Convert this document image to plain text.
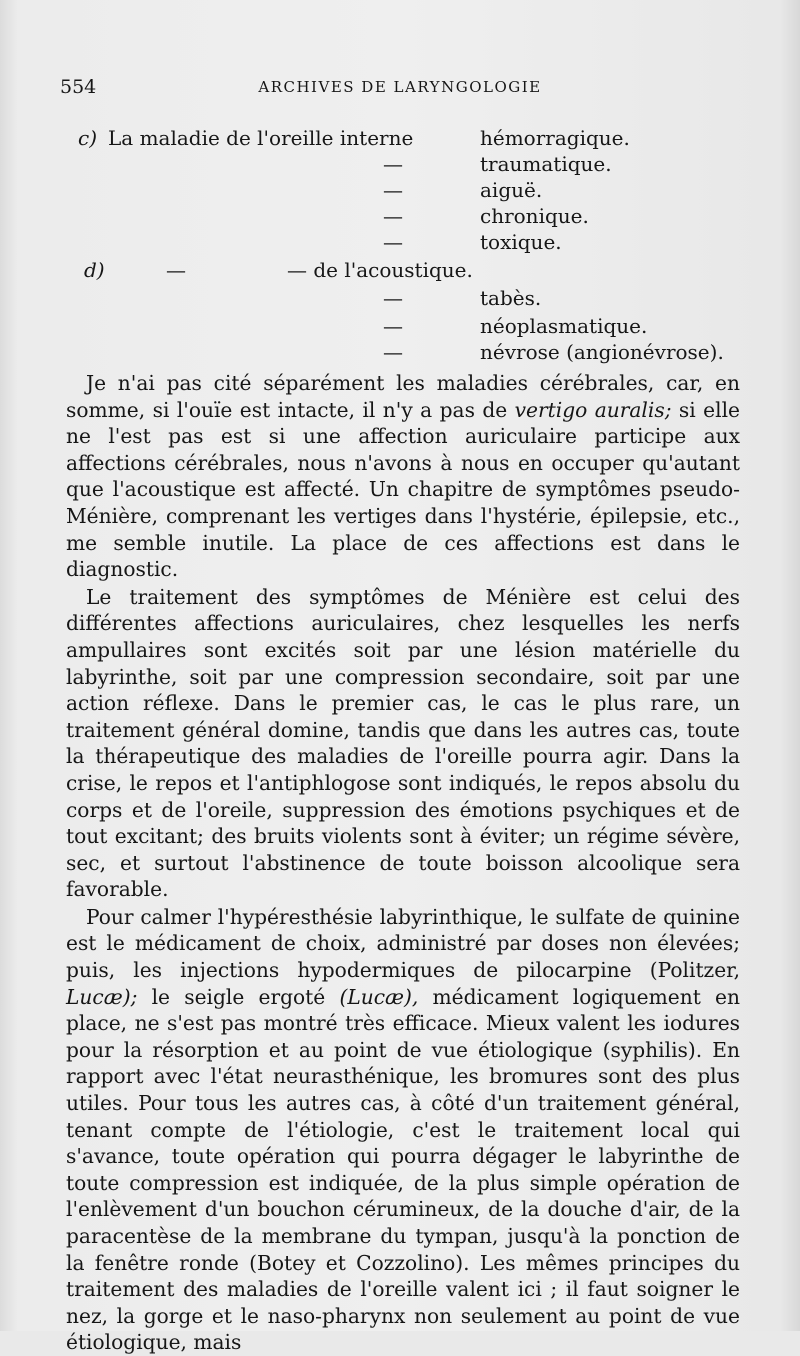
554	ARCHIVES DE LARYNGOLOGIE
c) La maladie de l'oreille interne	hémorragique.
—	traumatique.
—	aiguë.
—	chronique.
—	toxique.
d)	—	— de l'acoustique.
—	tabès.
—	néoplasmatique.
—	névrose (angionévrose).

Je n'ai pas cité séparément les maladies cérébrales, car, en somme, si l'ouïe est intacte, il n'y a pas de vertigo auralis; si elle ne l'est pas est si une affection auriculaire participe aux affections cérébrales, nous n'avons à nous en occuper qu'autant que l'acoustique est affecté. Un chapitre de symptômes pseudo-Ménière, comprenant les vertiges dans l'hystérie, épilepsie, etc., me semble inutile. La place de ces affections est dans le diagnostic.

Le traitement des symptômes de Ménière est celui des différentes affections auriculaires, chez lesquelles les nerfs ampullaires sont excités soit par une lésion matérielle du labyrinthe, soit par une compression secondaire, soit par une action réflexe. Dans le premier cas, le cas le plus rare, un traitement général domine, tandis que dans les autres cas, toute la thérapeutique des maladies de l'oreille pourra agir. Dans la crise, le repos et l'antiphlogose sont indiqués, le repos absolu du corps et de l'oreile, suppression des émotions psychiques et de tout excitant; des bruits violents sont à éviter; un régime sévère, sec, et surtout l'abstinence de toute boisson alcoolique sera favorable.

Pour calmer l'hypéresthésie labyrinthique, le sulfate de quinine est le médicament de choix, administré par doses non élevées; puis, les injections hypodermiques de pilocarpine (Politzer, Lucæ); le seigle ergoté (Lucæ), médicament logiquement en place, ne s'est pas montré très efficace. Mieux valent les iodures pour la résorption et au point de vue étiologique (syphilis). En rapport avec l'état neurasthénique, les bromures sont des plus utiles. Pour tous les autres cas, à côté d'un traitement général, tenant compte de l'étiologie, c'est le traitement local qui s'avance, toute opération qui pourra dégager le labyrinthe de toute compression est indiquée, de la plus simple opération de l'enlèvement d'un bouchon cérumineux, de la douche d'air, de la paracentèse de la membrane du tympan, jusqu'à la ponction de la fenêtre ronde (Botey et Cozzolino). Les mêmes principes du traitement des maladies de l'oreille valent ici ; il faut soigner le nez, la gorge et le naso-pharynx non seulement au point de vue étiologique, mais
